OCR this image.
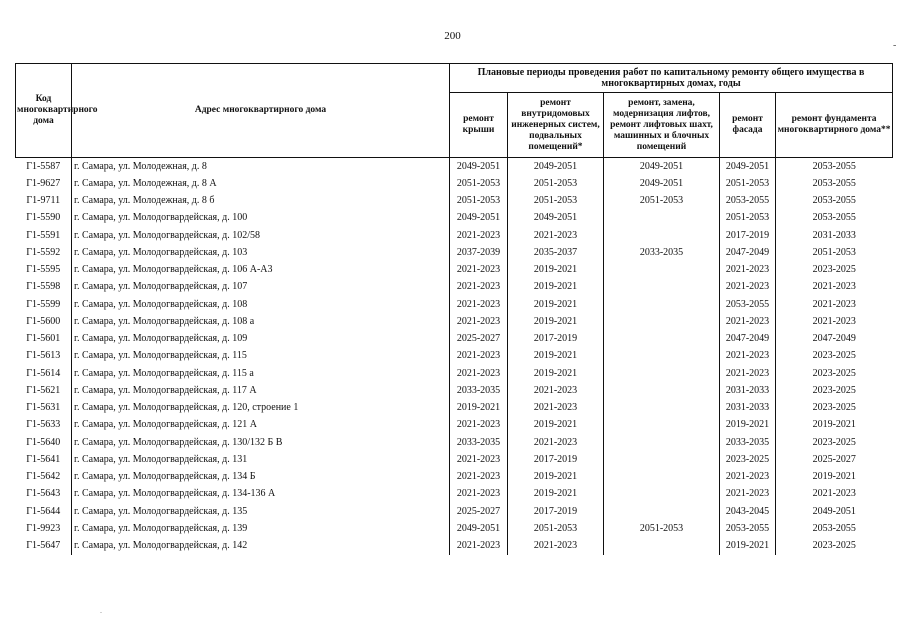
200
-
Код многоквартирного дома	Адрес многоквартирного дома	Плановые периоды проведения работ по капитальному ремонту общего имущества в многоквартирных домах, годы				
		ремонт крыши	ремонт внутридомовых инженерных систем, подвальных помещений*	ремонт, замена, модернизация лифтов, ремонт лифтовых шахт, машинных и блочных помещений	ремонт фасада	ремонт фундамента многоквартирного дома**
Г1-5587	г. Самара, ул. Молодежная, д. 8	2049-2051	2049-2051	2049-2051	2049-2051	2053-2055
Г1-9627	г. Самара, ул. Молодежная, д. 8 А	2051-2053	2051-2053	2049-2051	2051-2053	2053-2055
Г1-9711	г. Самара, ул. Молодежная, д. 8 б	2051-2053	2051-2053	2051-2053	2053-2055	2053-2055
Г1-5590	г. Самара, ул. Молодогвардейская, д. 100	2049-2051	2049-2051		2051-2053	2053-2055
Г1-5591	г. Самара, ул. Молодогвардейская, д. 102/58	2021-2023	2021-2023		2017-2019	2031-2033
Г1-5592	г. Самара, ул. Молодогвардейская, д. 103	2037-2039	2035-2037	2033-2035	2047-2049	2051-2053
Г1-5595	г. Самара, ул. Молодогвардейская, д. 106 А-А3	2021-2023	2019-2021		2021-2023	2023-2025
Г1-5598	г. Самара, ул. Молодогвардейская, д. 107	2021-2023	2019-2021		2021-2023	2021-2023
Г1-5599	г. Самара, ул. Молодогвардейская, д. 108	2021-2023	2019-2021		2053-2055	2021-2023
Г1-5600	г. Самара, ул. Молодогвардейская, д. 108 а	2021-2023	2019-2021		2021-2023	2021-2023
Г1-5601	г. Самара, ул. Молодогвардейская, д. 109	2025-2027	2017-2019		2047-2049	2047-2049
Г1-5613	г. Самара, ул. Молодогвардейская, д. 115	2021-2023	2019-2021		2021-2023	2023-2025
Г1-5614	г. Самара, ул. Молодогвардейская, д. 115 а	2021-2023	2019-2021		2021-2023	2023-2025
Г1-5621	г. Самара, ул. Молодогвардейская, д. 117 А	2033-2035	2021-2023		2031-2033	2023-2025
Г1-5631	г. Самара, ул. Молодогвардейская, д. 120, строение 1	2019-2021	2021-2023		2031-2033	2023-2025
Г1-5633	г. Самара, ул. Молодогвардейская, д. 121 А	2021-2023	2019-2021		2019-2021	2019-2021
Г1-5640	г. Самара, ул. Молодогвардейская, д. 130/132 Б В	2033-2035	2021-2023		2033-2035	2023-2025
Г1-5641	г. Самара, ул. Молодогвардейская, д. 131	2021-2023	2017-2019		2023-2025	2025-2027
Г1-5642	г. Самара, ул. Молодогвардейская, д. 134 Б	2021-2023	2019-2021		2021-2023	2019-2021
Г1-5643	г. Самара, ул. Молодогвардейская, д. 134-136 А	2021-2023	2019-2021		2021-2023	2021-2023
Г1-5644	г. Самара, ул. Молодогвардейская, д. 135	2025-2027	2017-2019		2043-2045	2049-2051
Г1-9923	г. Самара, ул. Молодогвардейская, д. 139	2049-2051	2051-2053	2051-2053	2053-2055	2053-2055
Г1-5647	г. Самара, ул. Молодогвардейская, д. 142	2021-2023	2021-2023		2019-2021	2023-2025
.
